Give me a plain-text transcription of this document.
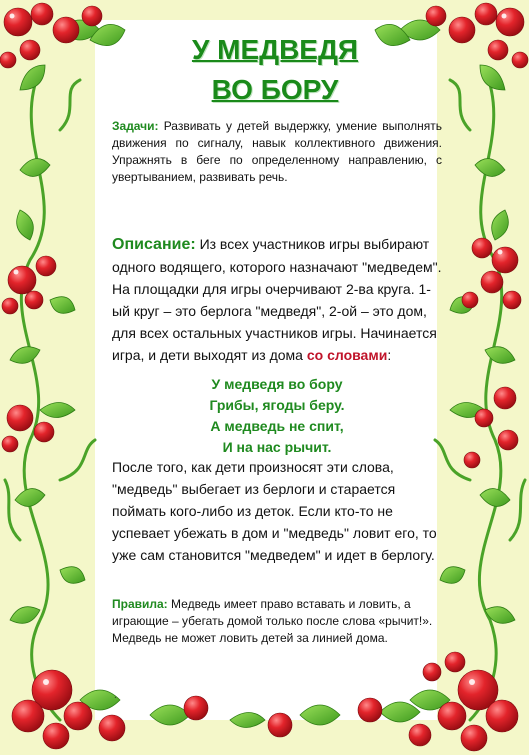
У МЕДВЕДЯ
ВО БОРУ
Задачи: Развивать у детей выдержку, умение выполнять движения по сигналу, навык коллективного движения. Упражнять в беге по определенному направлению, с увертыванием, развивать речь.
Описание: Из всех участников игры выбирают одного водящего, которого назначают "медведем". На площадки для игры очерчивают 2-ва круга. 1-ый круг – это берлога "медведя", 2-ой – это дом, для всех остальных участников игры. Начинается игра, и дети выходят из дома со словами:
У медведя во бору
Грибы, ягоды беру.
А медведь не спит,
И на нас рычит.
После того, как дети произносят эти слова, "медведь" выбегает из берлоги и старается поймать кого-либо из деток. Если кто-то не успевает убежать в дом и "медведь" ловит его, то уже сам становится "медведем" и идет в берлогу.
Правила: Медведь имеет право вставать и ловить, а играющие – убегать домой только после слова «рычит!».
Медведь не может ловить детей за линией дома.
.
